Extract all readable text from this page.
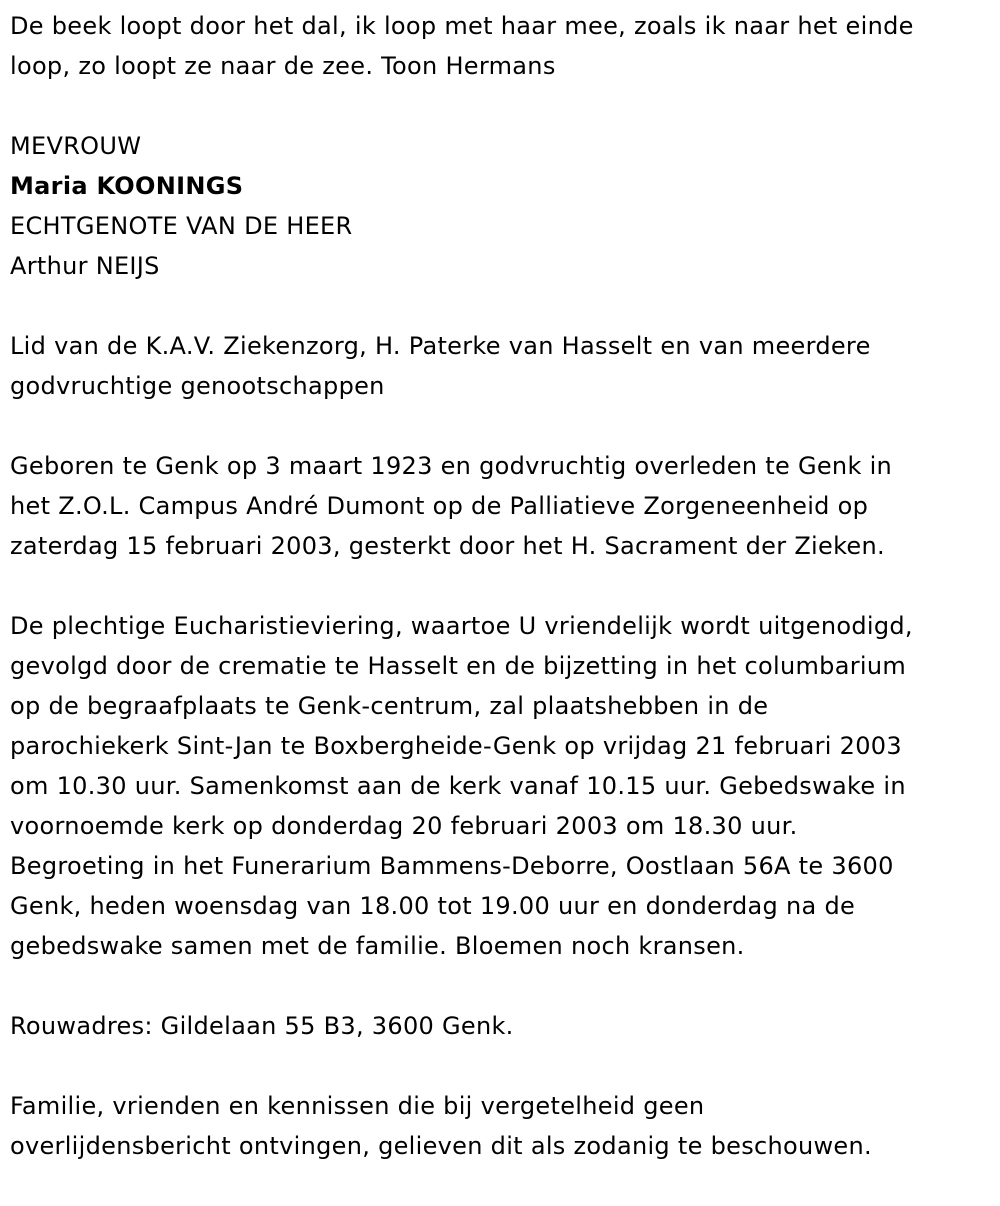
De beek loopt door het dal, ik loop met haar mee, zoals ik naar het einde
loop, zo loopt ze naar de zee. Toon Hermans
MEVROUW
Maria KOONINGS
ECHTGENOTE VAN DE HEER
Arthur NEIJS
Lid van de K.A.V. Ziekenzorg, H. Paterke van Hasselt en van meerdere
godvruchtige genootschappen
Geboren te Genk op 3 maart 1923 en godvruchtig overleden te Genk in
het Z.O.L. Campus André Dumont op de Palliatieve Zorgeneenheid op
zaterdag 15 februari 2003, gesterkt door het H. Sacrament der Zieken.
De plechtige Eucharistieviering, waartoe U vriendelijk wordt uitgenodigd,
gevolgd door de crematie te Hasselt en de bijzetting in het columbarium
op de begraafplaats te Genk-centrum, zal plaatshebben in de
parochiekerk Sint-Jan te Boxbergheide-Genk op vrijdag 21 februari 2003
om 10.30 uur. Samenkomst aan de kerk vanaf 10.15 uur. Gebedswake in
voornoemde kerk op donderdag 20 februari 2003 om 18.30 uur.
Begroeting in het Funerarium Bammens-Deborre, Oostlaan 56A te 3600
Genk, heden woensdag van 18.00 tot 19.00 uur en donderdag na de
gebedswake samen met de familie. Bloemen noch kransen.
Rouwadres: Gildelaan 55 B3, 3600 Genk.
Familie, vrienden en kennissen die bij vergetelheid geen
overlijdensbericht ontvingen, gelieven dit als zodanig te beschouwen.
